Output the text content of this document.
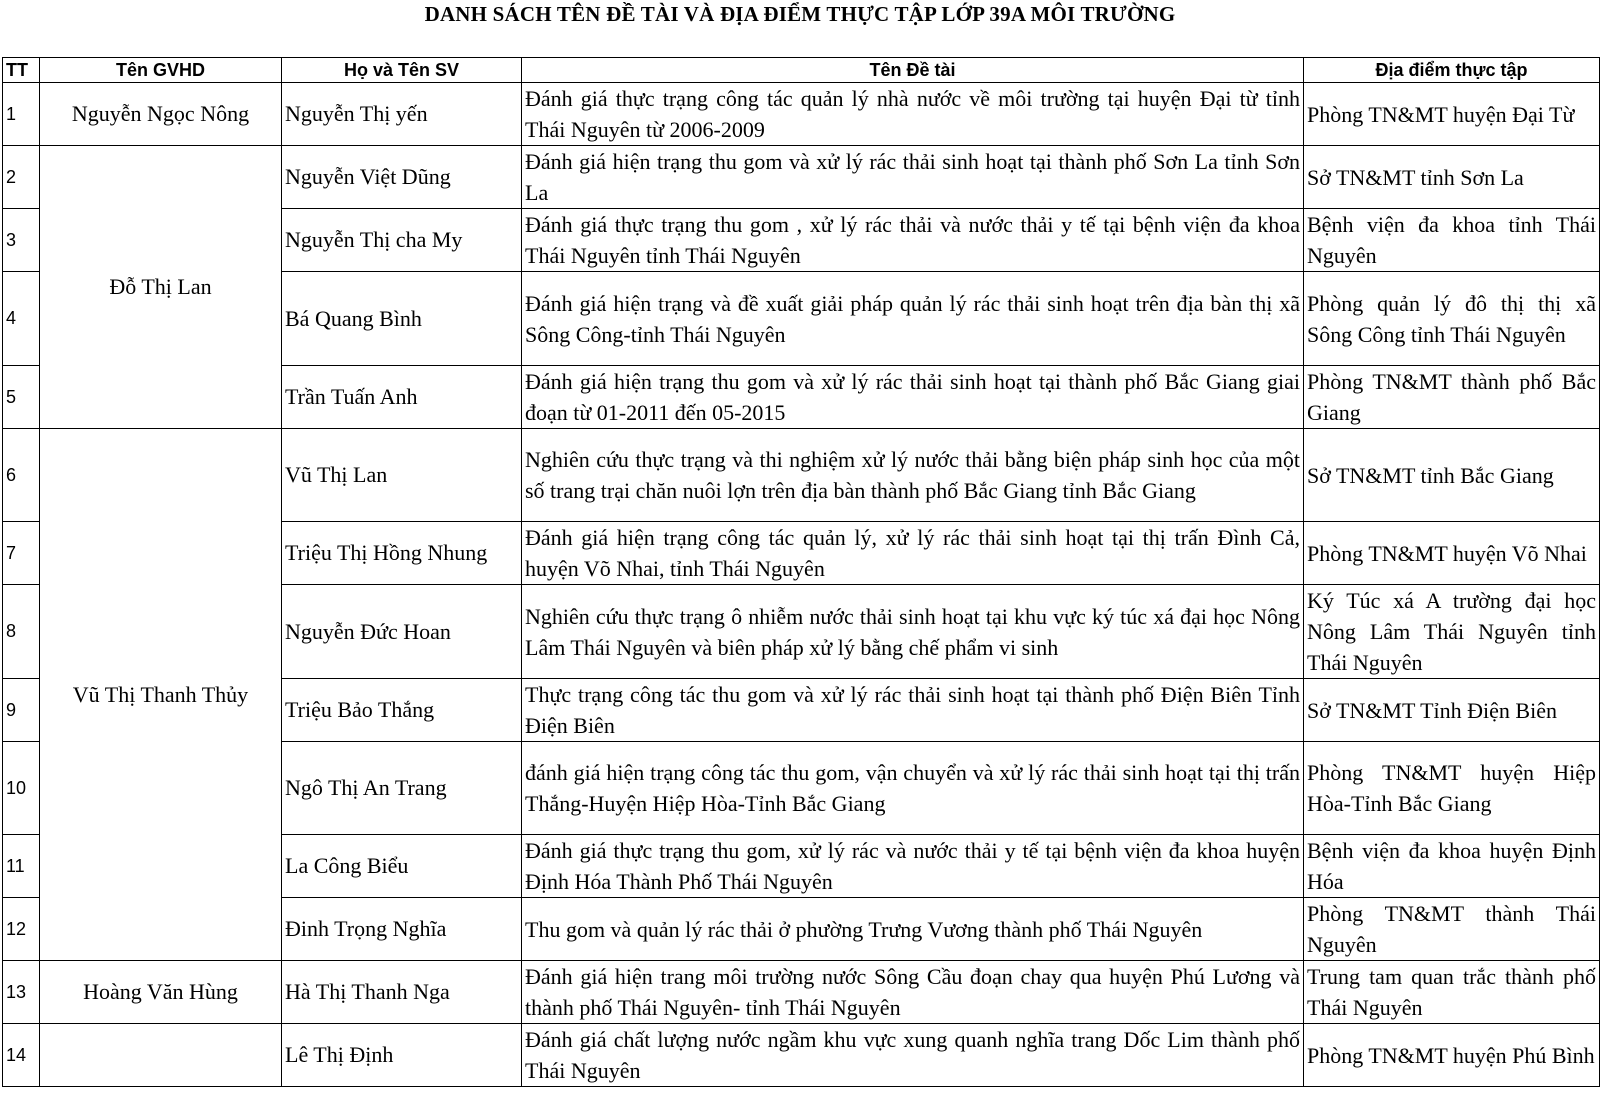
DANH SÁCH TÊN ĐỀ TÀI VÀ ĐỊA ĐIỂM THỰC TẬP LỚP 39A MÔI TRƯỜNG
TT	Tên GVHD	Họ và Tên SV	Tên Đề tài	Địa điểm thực tập
1	Nguyễn Ngọc Nông	Nguyễn Thị yến	Đánh giá thực trạng công tác quản lý nhà nước về môi trường tại huyện Đại từ tỉnh Thái Nguyên từ 2006-2009	Phòng TN&MT huyện Đại Từ
2	Đỗ Thị Lan	Nguyễn Việt Dũng	Đánh giá hiện trạng thu gom và xử lý rác thải sinh hoạt tại thành phố Sơn La tỉnh Sơn La	Sở TN&MT tỉnh Sơn La
3		Nguyễn Thị cha My	Đánh giá thực trạng thu gom , xử lý rác thải và nước thải y tế tại bệnh viện đa khoa Thái Nguyên tỉnh Thái Nguyên	Bệnh viện đa khoa tỉnh Thái Nguyên
4		Bá Quang Bình	Đánh giá hiện trạng và đề xuất giải pháp quản lý rác thải sinh hoạt trên địa bàn thị xã Sông Công-tỉnh Thái Nguyên	Phòng quản lý đô thị thị xã Sông Công tỉnh Thái Nguyên
5		Trần Tuấn Anh	Đánh giá hiện trạng thu gom và xử lý rác thải sinh hoạt tại thành phố Bắc Giang giai đoạn từ 01-2011 đến 05-2015	Phòng TN&MT thành phố Bắc Giang
6	Vũ Thị Thanh Thủy	Vũ Thị Lan	Nghiên cứu thực trạng và thi nghiệm xử lý nước thải bằng biện pháp sinh học của một số trang trại chăn nuôi lợn trên địa bàn thành phố Bắc Giang tỉnh Bắc Giang	Sở TN&MT tỉnh Bắc Giang
7		Triệu Thị Hồng Nhung	Đánh giá hiện trạng công tác quản lý, xử lý rác thải sinh hoạt tại thị trấn Đình Cả, huyện Võ Nhai, tỉnh Thái Nguyên	Phòng TN&MT huyện Võ Nhai
8		Nguyễn Đức Hoan	Nghiên cứu thực trạng ô nhiễm nước thải sinh hoạt tại khu vực ký túc xá đại học Nông Lâm Thái Nguyên và biên pháp xử lý bằng chế phẩm vi sinh	Ký Túc xá A trường đại học Nông Lâm Thái Nguyên tỉnh Thái Nguyên
9		Triệu Bảo Thắng	Thực trạng công tác thu gom và xử lý rác thải sinh hoạt tại thành phố Điện Biên Tỉnh Điện Biên	Sở TN&MT Tỉnh Điện Biên
10		Ngô Thị An Trang	đánh giá hiện trạng công tác thu gom, vận chuyển và xử lý rác thải sinh hoạt tại thị trấn Thắng-Huyện Hiệp Hòa-Tỉnh Bắc Giang	Phòng TN&MT huyện Hiệp Hòa-Tỉnh Bắc Giang
11		La Công Biểu	Đánh giá thực trạng thu gom, xử lý rác và nước thải y tế tại bệnh viện đa khoa huyện Định Hóa Thành Phố Thái Nguyên	Bệnh viện đa khoa huyện Định Hóa
12		Đinh Trọng Nghĩa	Thu gom và quản lý rác thải ở phường Trưng Vương thành phố Thái Nguyên	Phòng TN&MT thành Thái Nguyên
13	Hoàng Văn Hùng	Hà Thị Thanh Nga	Đánh giá hiện trang môi trường nước Sông Cầu đoạn chay qua huyện Phú Lương và thành phố Thái Nguyên- tỉnh Thái Nguyên	Trung tam quan trắc thành phố Thái Nguyên
14		Lê Thị Định	Đánh giá chất lượng nước ngầm khu vực xung quanh nghĩa trang Dốc Lim thành phố Thái Nguyên	Phòng TN&MT huyện Phú Bình
